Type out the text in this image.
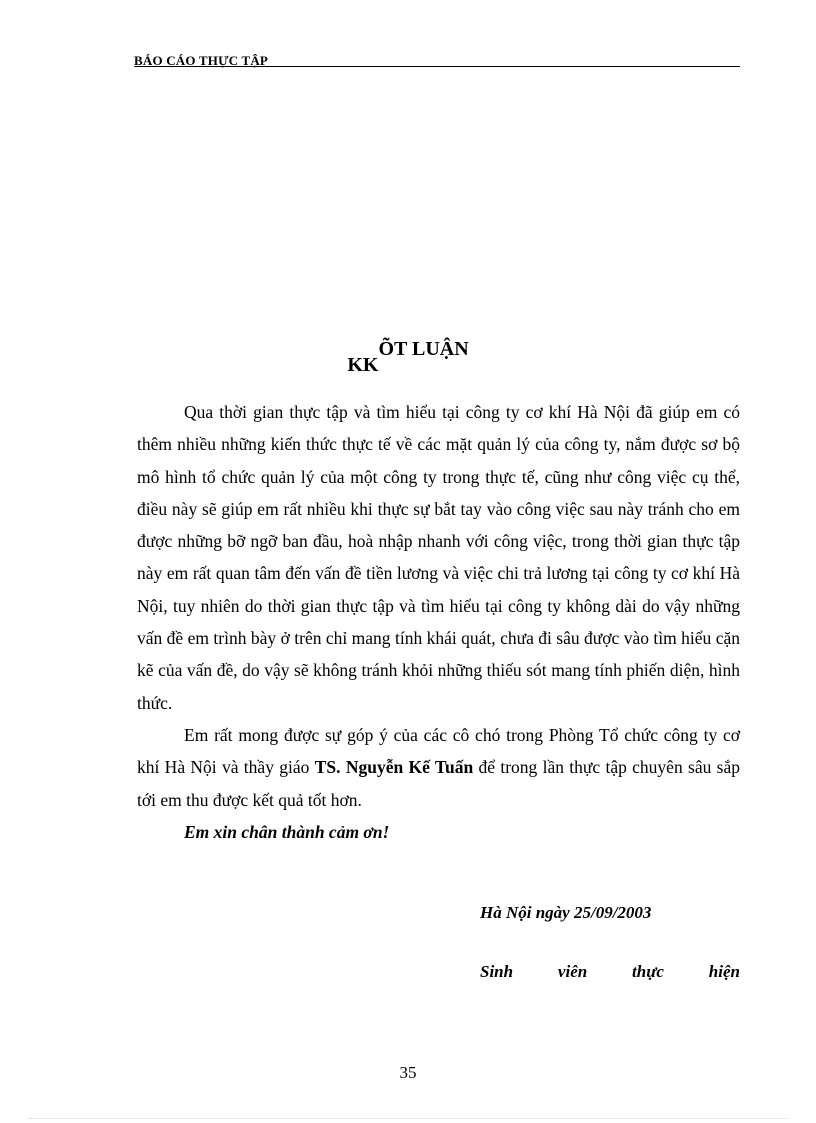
BÁO CÁO THỰC TẬP
KKÕT LUẬN

Qua thời gian thực tập và tìm hiểu tại công ty cơ khí Hà Nội đã giúp em có thêm nhiều những kiến thức thực tế về các mặt quản lý của công ty, nắm được sơ bộ mô hình tổ chức quản lý của một công ty trong thực tế, cũng như công việc cụ thể, điều này sẽ giúp em rất nhiều khi thực sự bắt tay vào công việc sau này tránh cho em được những bỡ ngỡ ban đầu, hoà nhập nhanh với công việc, trong thời gian thực tập này em rất quan tâm đến vấn đề tiền lương và việc chi trả lương tại công ty cơ khí Hà Nội, tuy nhiên do thời gian thực tập và tìm hiểu tại công ty không dài do vậy những vấn đề em trình bày ở trên chỉ mang tính khái quát, chưa đi sâu được vào tìm hiểu cặn kẽ của vấn đề, do vậy sẽ không tránh khỏi những thiếu sót mang tính phiến diện, hình thức.

Em rất mong được sự góp ý của các cô chó trong Phòng Tổ chức công ty cơ khí Hà Nội và thầy giáo TS. Nguyễn Kế Tuấn để trong lần thực tập chuyên sâu sắp tới em thu được kết quả tốt hơn.

Em xin chân thành cảm ơn!

Hà Nội ngày 25/09/2003
Sinh	viên	thực	hiện
35
